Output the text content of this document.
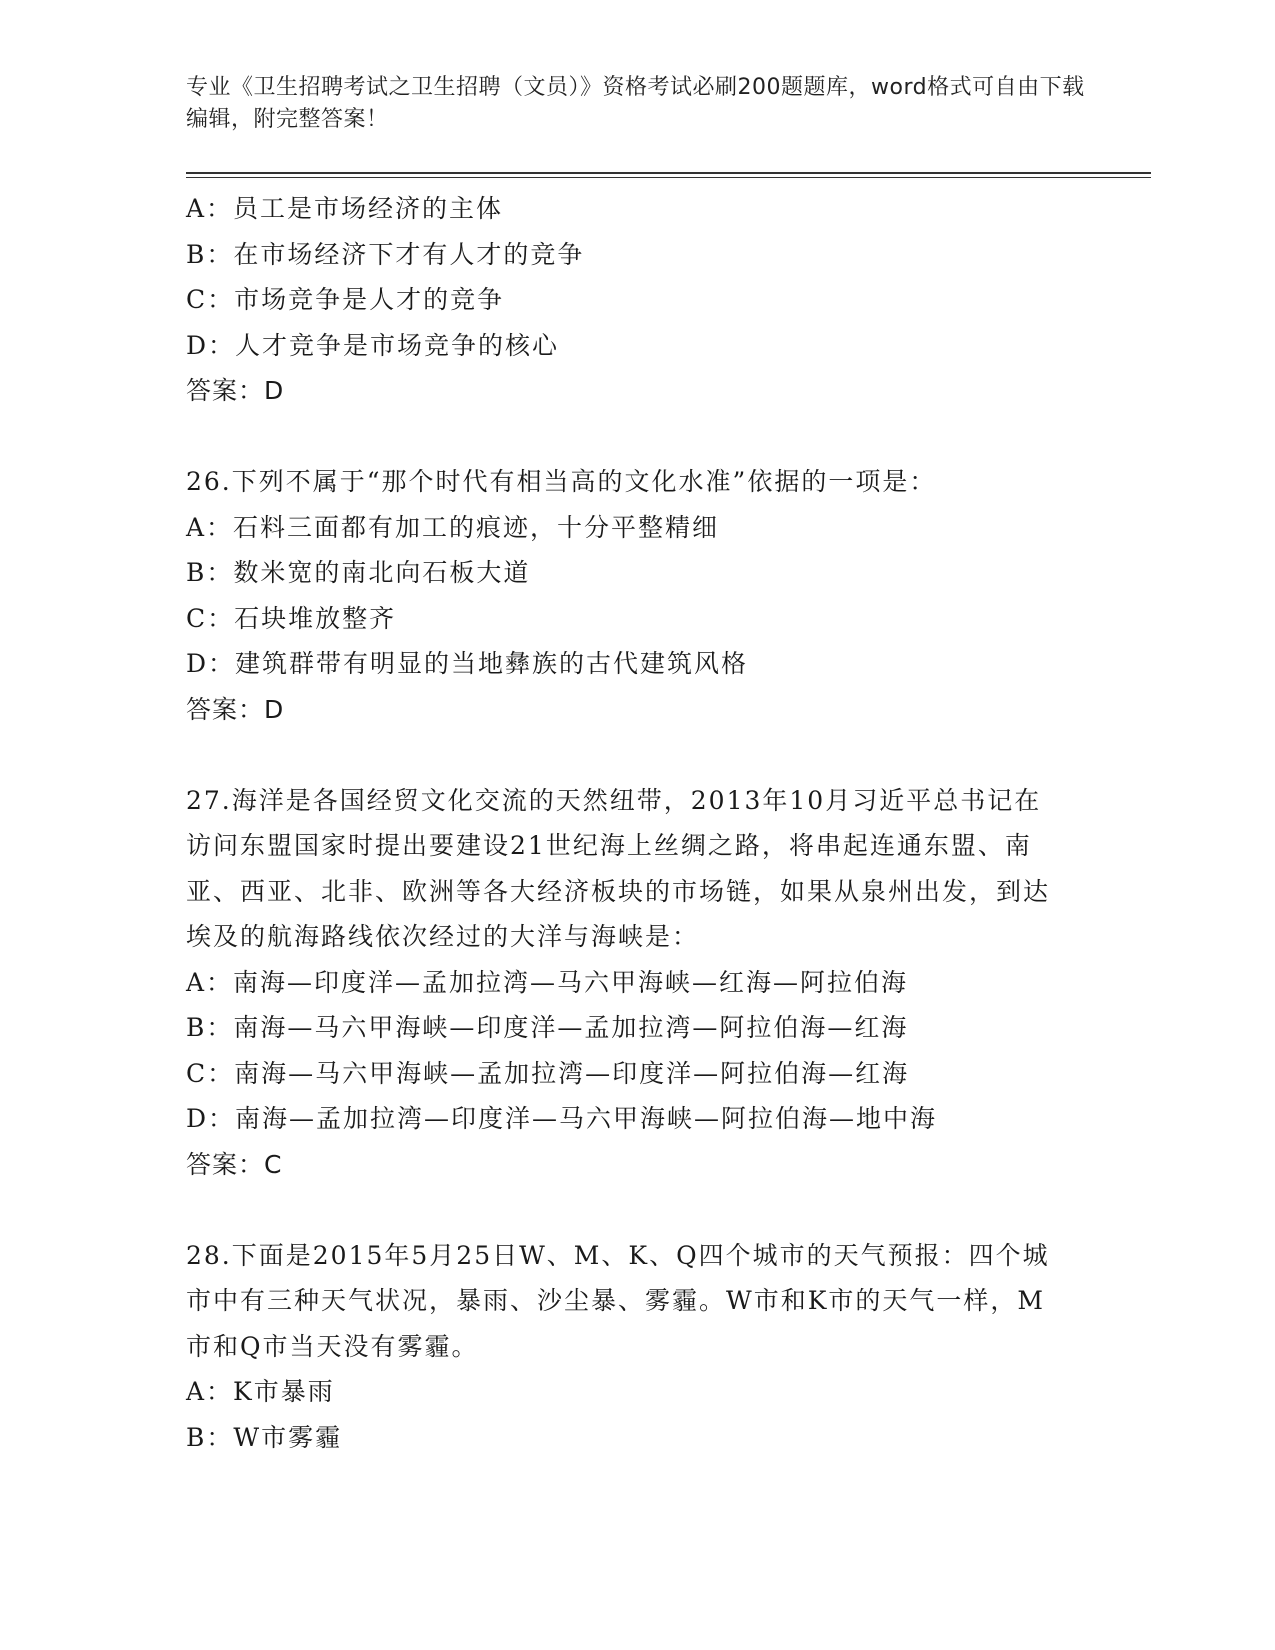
专业《卫生招聘考试之卫生招聘（文员）》资格考试必刷200题题库，word格式可自由下载编辑，附完整答案！
A：员工是市场经济的主体
B：在市场经济下才有人才的竞争
C：市场竞争是人才的竞争
D：人才竞争是市场竞争的核心
答案：D
26.下列不属于“那个时代有相当高的文化水准”依据的一项是：
A：石料三面都有加工的痕迹，十分平整精细
B：数米宽的南北向石板大道
C：石块堆放整齐
D：建筑群带有明显的当地彝族的古代建筑风格
答案：D
27.海洋是各国经贸文化交流的天然纽带，2013年10月习近平总书记在访问东盟国家时提出要建设21世纪海上丝绸之路，将串起连通东盟、南亚、西亚、北非、欧洲等各大经济板块的市场链，如果从泉州出发，到达埃及的航海路线依次经过的大洋与海峡是：
A：南海—印度洋—孟加拉湾—马六甲海峡—红海—阿拉伯海
B：南海—马六甲海峡—印度洋—孟加拉湾—阿拉伯海—红海
C：南海—马六甲海峡—孟加拉湾—印度洋—阿拉伯海—红海
D：南海—孟加拉湾—印度洋—马六甲海峡—阿拉伯海—地中海
答案：C
28.下面是2015年5月25日W、M、K、Q四个城市的天气预报：四个城市中有三种天气状况，暴雨、沙尘暴、雾霾。W市和K市的天气一样，M市和Q市当天没有雾霾。
A：K市暴雨
B：W市雾霾
